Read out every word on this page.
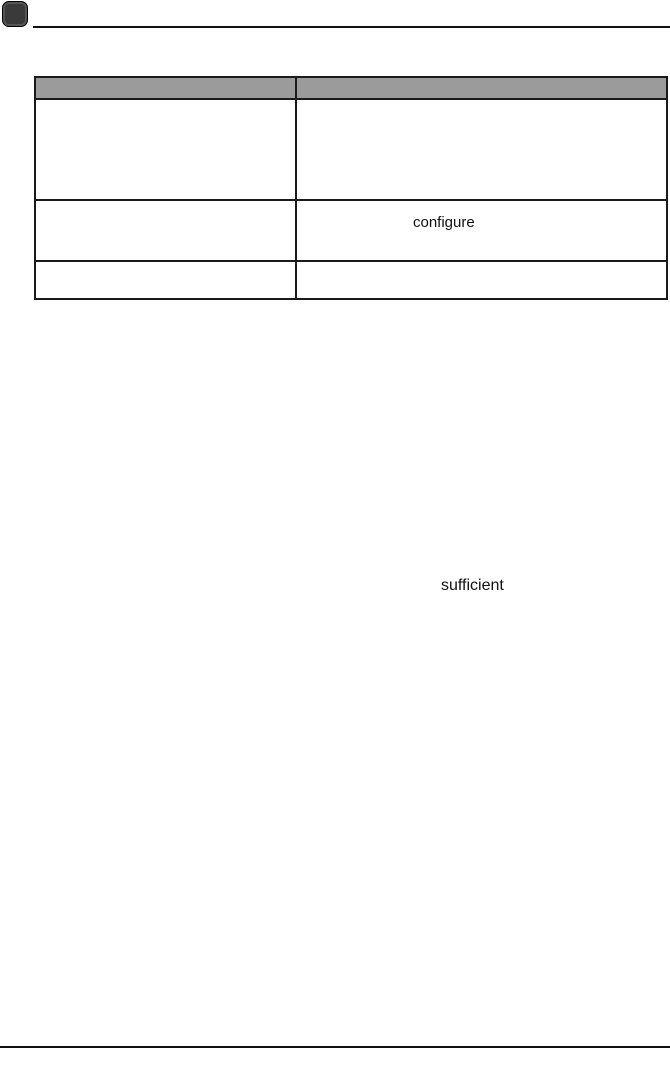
configure
sufficient
